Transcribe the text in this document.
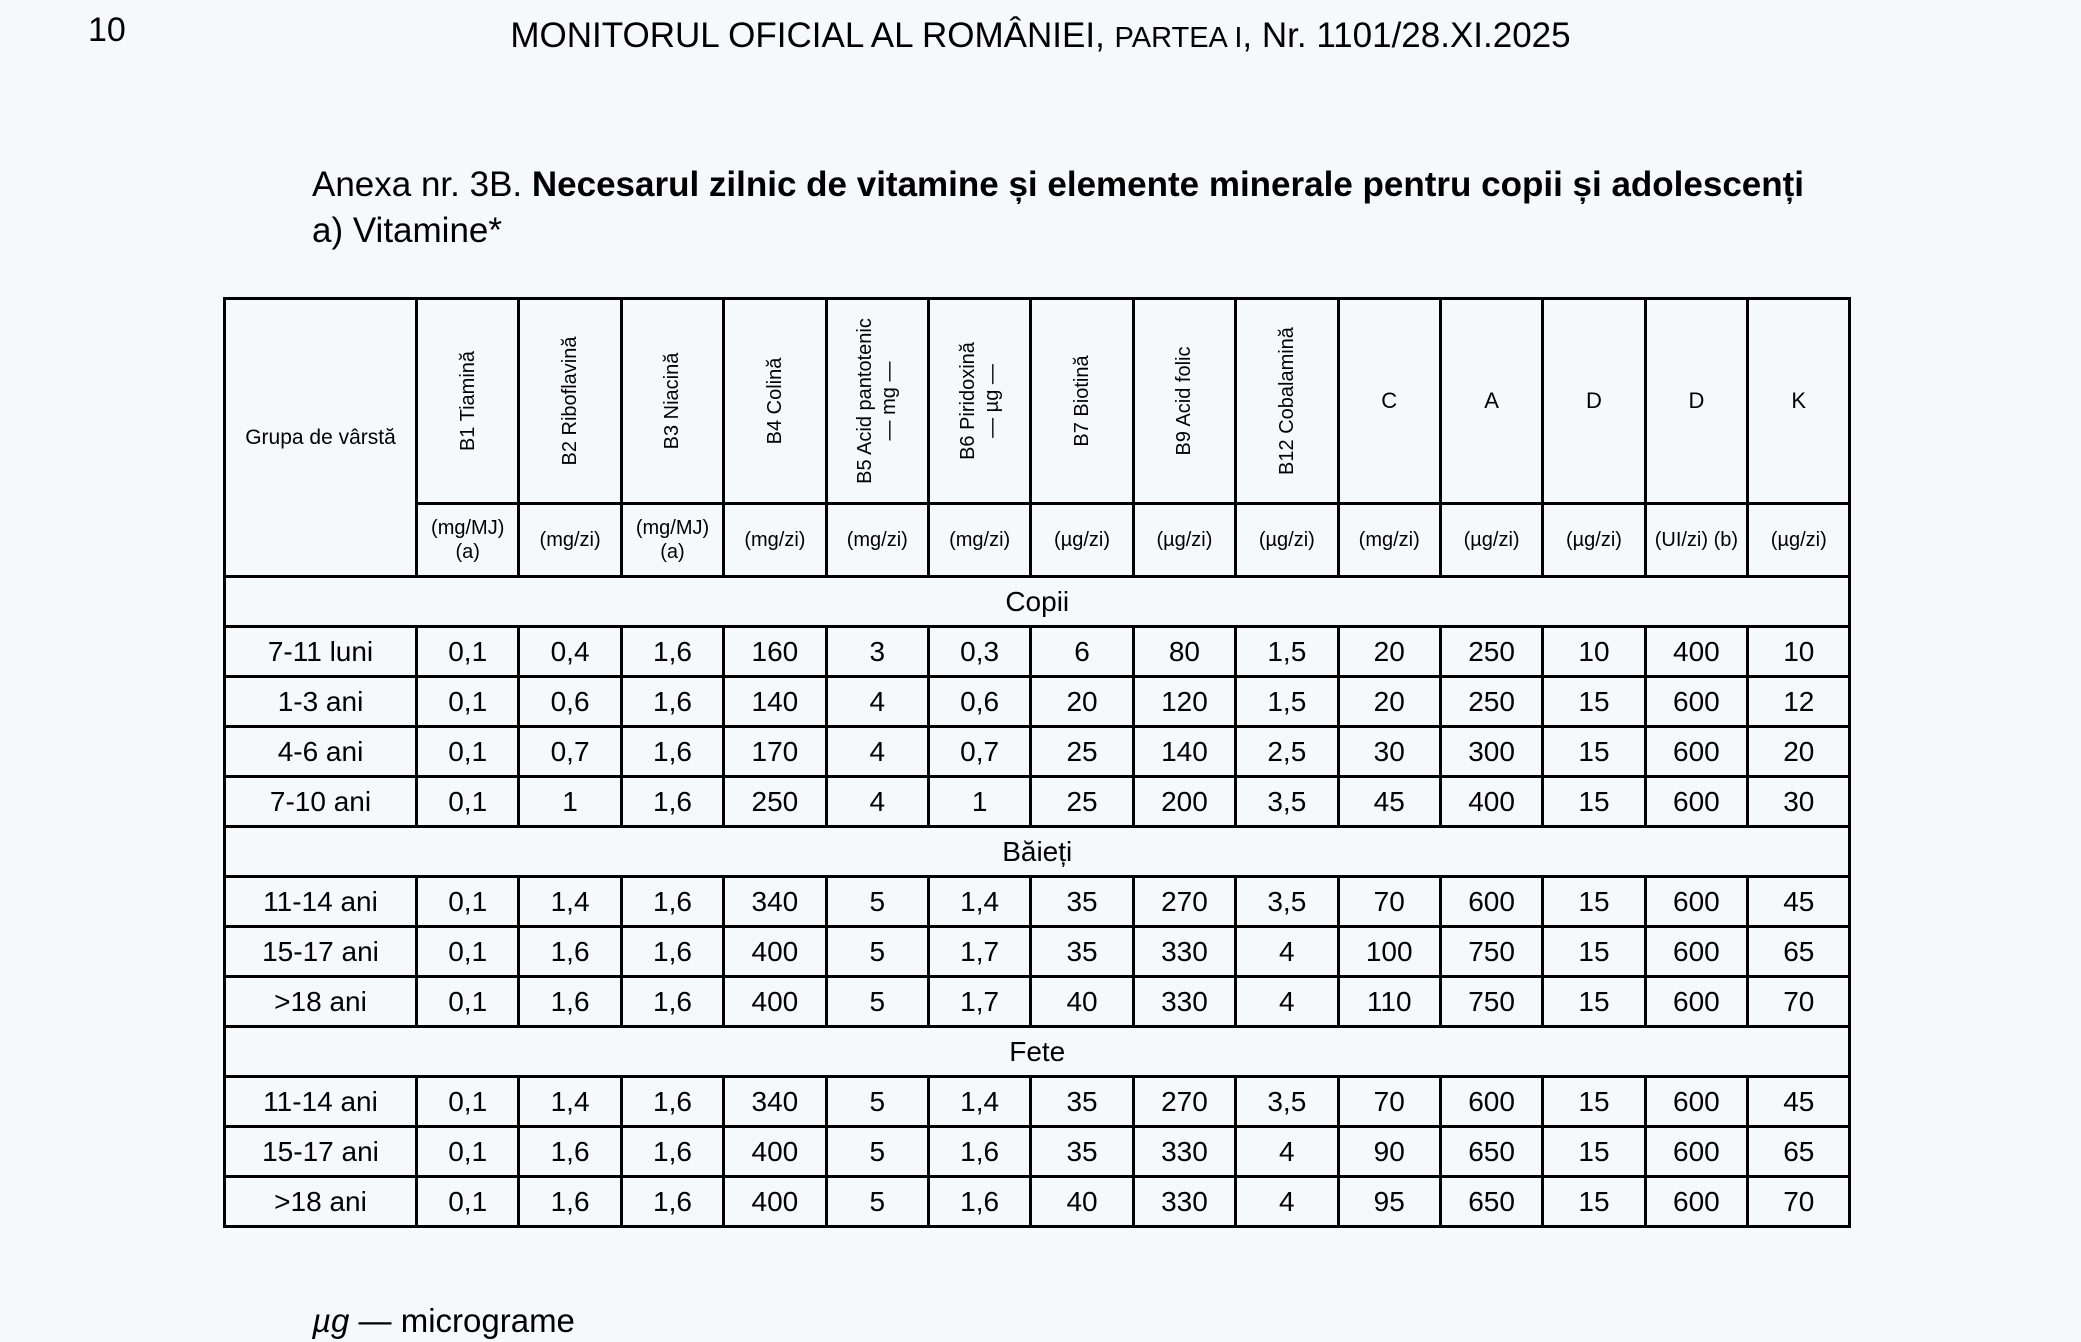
10	MONITORUL OFICIAL AL ROMÂNIEI, PARTEA I, Nr. 1101/28.XI.2025
Anexa nr. 3B. Necesarul zilnic de vitamine și elemente minerale pentru copii și adolescenți
a) Vitamine*
Grupa de vârstă	B1 Tiamină	B2 Riboflavină	B3 Niacină	B4 Colină	B5 Acid pantotenic — mg —	B6 Piridoxină — µg —	B7 Biotină	B9 Acid folic	B12 Cobalamină	C	A	D	D	K
	(mg/MJ) (a)	(mg/zi)	(mg/MJ) (a)	(mg/zi)	(mg/zi)	(mg/zi)	(µg/zi)	(µg/zi)	(µg/zi)	(mg/zi)	(µg/zi)	(µg/zi)	(UI/zi) (b)	(µg/zi)
Copii														
7-11 luni	0,1	0,4	1,6	160	3	0,3	6	80	1,5	20	250	10	400	10
1-3 ani	0,1	0,6	1,6	140	4	0,6	20	120	1,5	20	250	15	600	12
4-6 ani	0,1	0,7	1,6	170	4	0,7	25	140	2,5	30	300	15	600	20
7-10 ani	0,1	1	1,6	250	4	1	25	200	3,5	45	400	15	600	30
Băieți														
11-14 ani	0,1	1,4	1,6	340	5	1,4	35	270	3,5	70	600	15	600	45
15-17 ani	0,1	1,6	1,6	400	5	1,7	35	330	4	100	750	15	600	65
>18 ani	0,1	1,6	1,6	400	5	1,7	40	330	4	110	750	15	600	70
Fete														
11-14 ani	0,1	1,4	1,6	340	5	1,4	35	270	3,5	70	600	15	600	45
15-17 ani	0,1	1,6	1,6	400	5	1,6	35	330	4	90	650	15	600	65
>18 ani	0,1	1,6	1,6	400	5	1,6	40	330	4	95	650	15	600	70
µg — micrograme
